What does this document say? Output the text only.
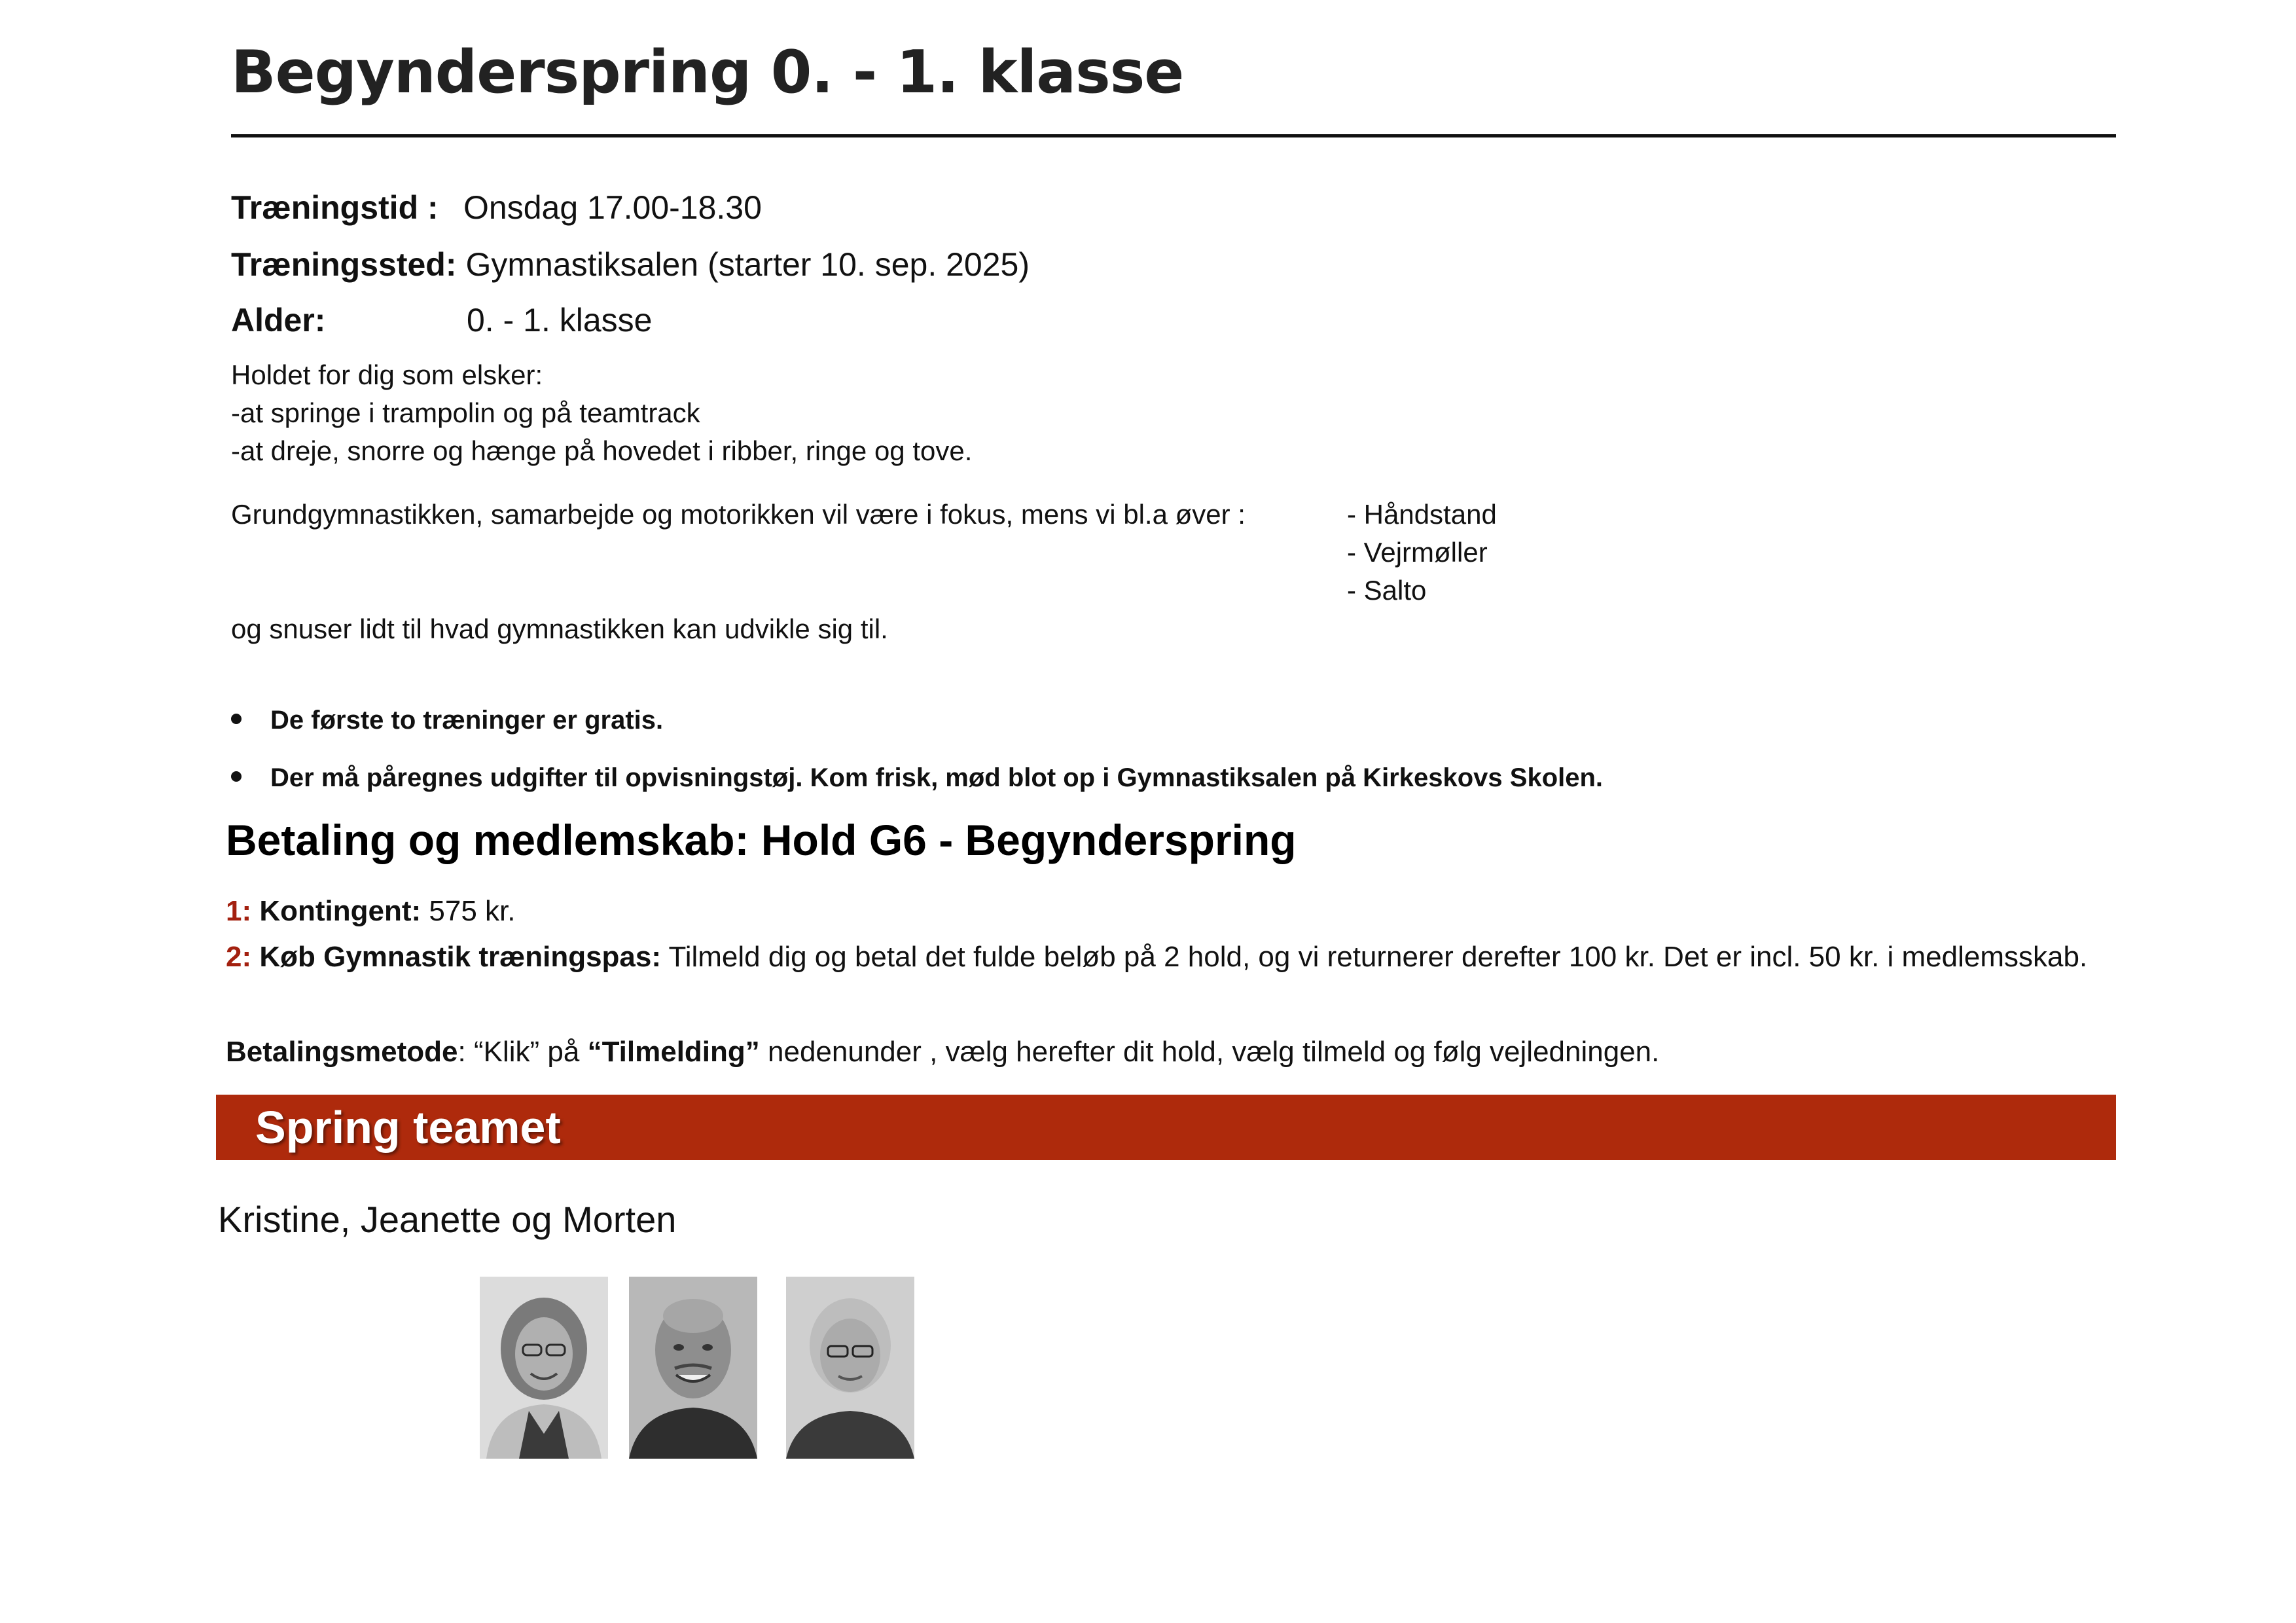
Begynderspring 0. - 1. klasse
Træningstid : Onsdag 17.00-18.30
Træningssted: Gymnastiksalen (starter 10. sep. 2025)
Alder:	0. - 1. klasse
Holdet for dig som elsker:
-at springe i trampolin og på teamtrack
-at dreje, snorre og hænge på hovedet i ribber, ringe og tove.
Grundgymnastikken, samarbejde og motorikken vil være i fokus, mens vi bl.a øver :	- Håndstand
- Vejrmøller
- Salto
og snuser lidt til hvad gymnastikken kan udvikle sig til.
De første to træninger er gratis.
Der må påregnes udgifter til opvisningstøj. Kom frisk, mød blot op i Gymnastiksalen på Kirkeskovs Skolen.
Betaling og medlemskab: Hold G6 - Begynderspring
1: Kontingent: 575 kr.
2: Køb Gymnastik træningspas: Tilmeld dig og betal det fulde beløb på 2 hold, og vi returnerer derefter 100 kr. Det er incl. 50 kr. i medlemsskab.
Betalingsmetode: “Klik” på “Tilmelding” nedenunder , vælg herefter dit hold, vælg tilmeld og følg vejledningen.
Spring teamet
Kristine, Jeanette og Morten
